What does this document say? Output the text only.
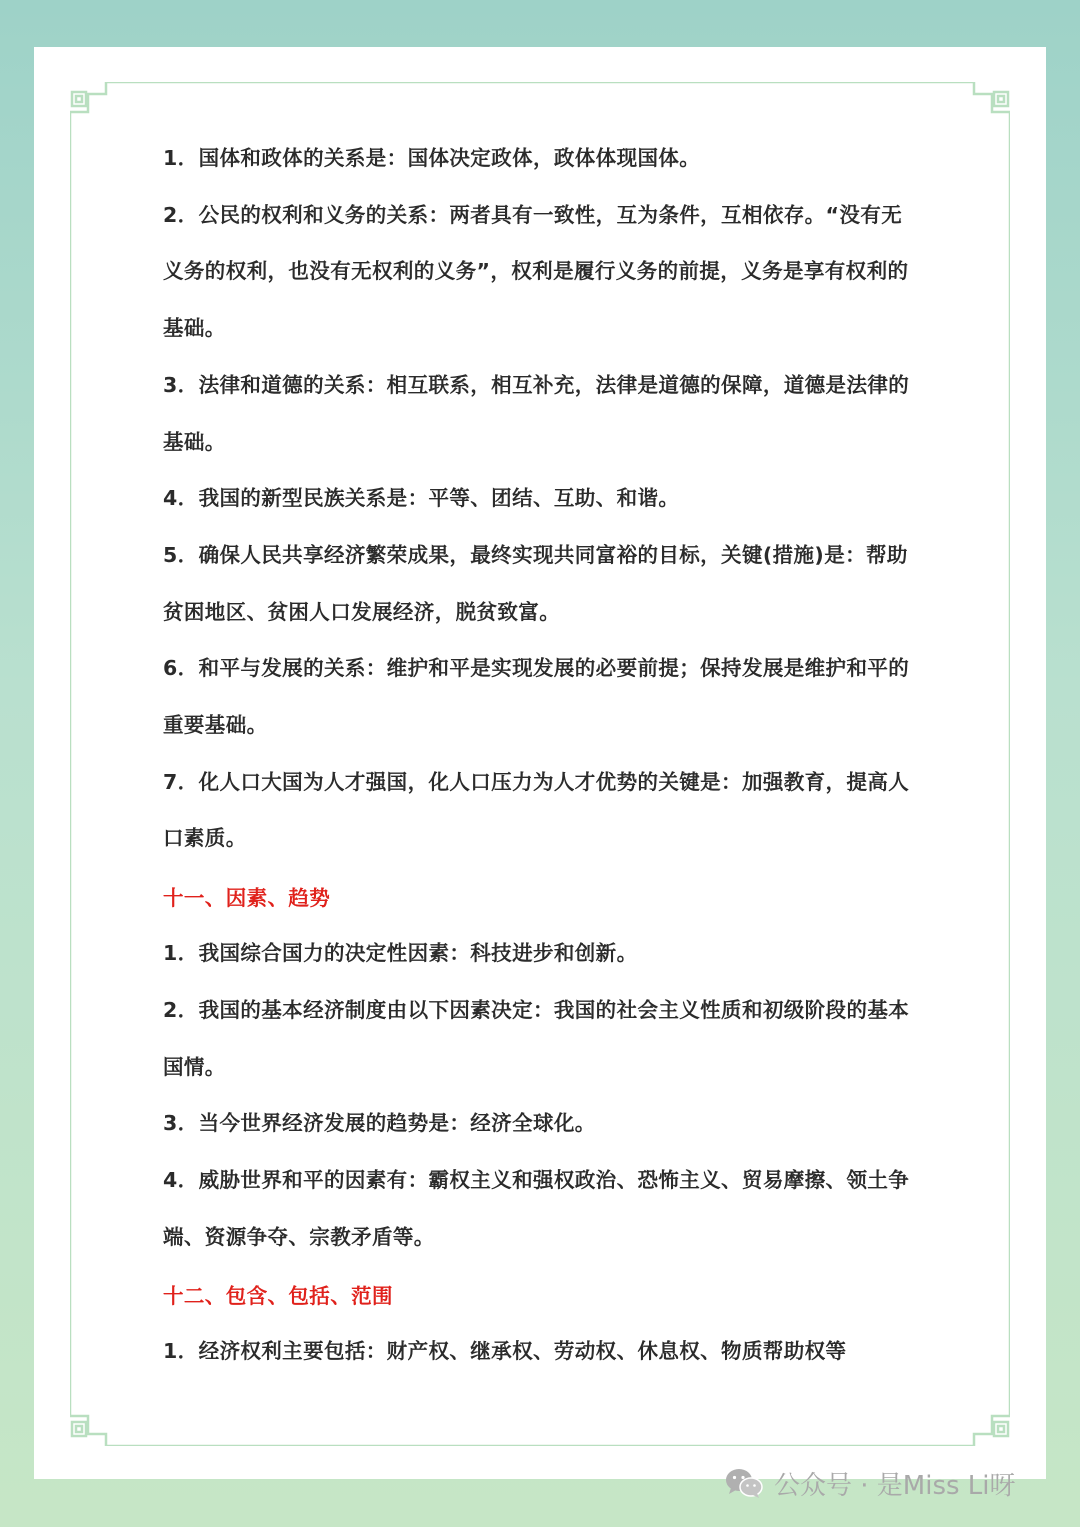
1．国体和政体的关系是：国体决定政体，政体体现国体。

2．公民的权利和义务的关系：两者具有一致性，互为条件，互相依存。“没有无义务的权利，也没有无权利的义务”，权利是履行义务的前提，义务是享有权利的基础。

3．法律和道德的关系：相互联系，相互补充，法律是道德的保障，道德是法律的基础。

4．我国的新型民族关系是：平等、团结、互助、和谐。

5．确保人民共享经济繁荣成果，最终实现共同富裕的目标，关键(措施)是：帮助贫困地区、贫困人口发展经济，脱贫致富。

6．和平与发展的关系：维护和平是实现发展的必要前提；保持发展是维护和平的重要基础。

7．化人口大国为人才强国，化人口压力为人才优势的关键是：加强教育，提高人口素质。

十一、因素、趋势

1．我国综合国力的决定性因素：科技进步和创新。

2．我国的基本经济制度由以下因素决定：我国的社会主义性质和初级阶段的基本国情。

3．当今世界经济发展的趋势是：经济全球化。

4．威胁世界和平的因素有：霸权主义和强权政治、恐怖主义、贸易摩擦、领土争端、资源争夺、宗教矛盾等。

十二、包含、包括、范围

1．经济权利主要包括：财产权、继承权、劳动权、休息权、物质帮助权等

公众号 · 是Miss Li呀
